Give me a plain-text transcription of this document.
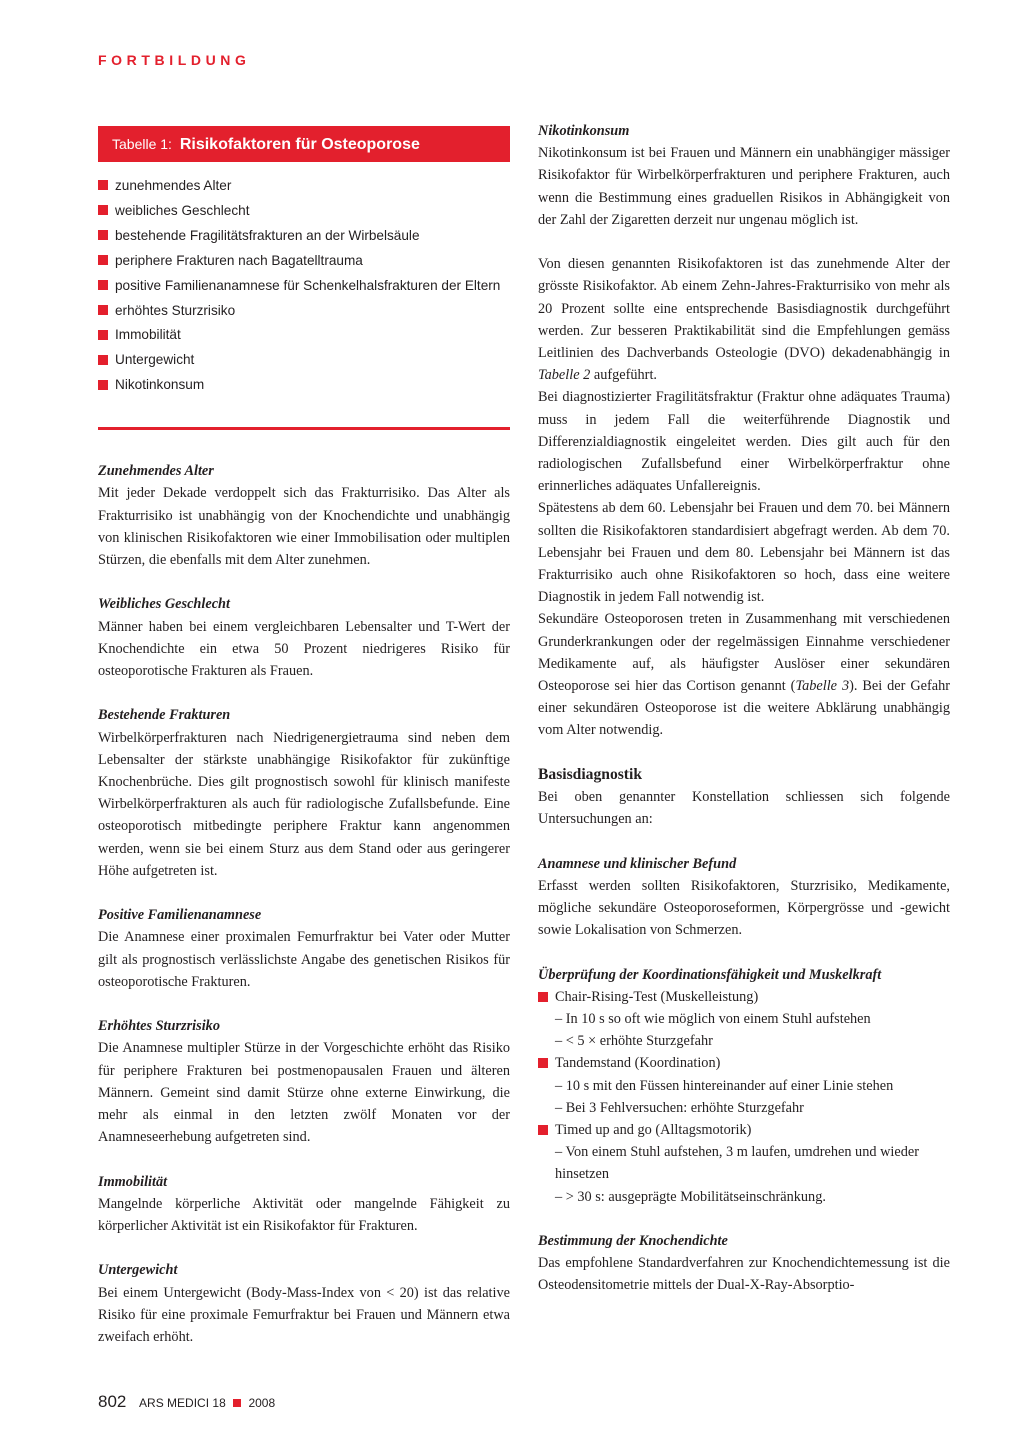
FORTBILDUNG
Tabelle 1: Risikofaktoren für Osteoporose
zunehmendes Alter
weibliches Geschlecht
bestehende Fragilitätsfrakturen an der Wirbelsäule
periphere Frakturen nach Bagatelltrauma
positive Familienanamnese für Schenkelhalsfrakturen der Eltern
erhöhtes Sturzrisiko
Immobilität
Untergewicht
Nikotinkonsum
Zunehmendes Alter

Mit jeder Dekade verdoppelt sich das Frakturrisiko. Das Alter als Frakturrisiko ist unabhängig von der Knochendichte und unabhängig von klinischen Risikofaktoren wie einer Immobilisation oder multiplen Stürzen, die ebenfalls mit dem Alter zunehmen.

Weibliches Geschlecht

Männer haben bei einem vergleichbaren Lebensalter und T-Wert der Knochendichte ein etwa 50 Prozent niedrigeres Risiko für osteoporotische Frakturen als Frauen.

Bestehende Frakturen

Wirbelkörperfrakturen nach Niedrigenergietrauma sind neben dem Lebensalter der stärkste unabhängige Risikofaktor für zukünftige Knochenbrüche. Dies gilt prognostisch sowohl für klinisch manifeste Wirbelkörperfrakturen als auch für radiologische Zufallsbefunde. Eine osteoporotisch mitbedingte periphere Fraktur kann angenommen werden, wenn sie bei einem Sturz aus dem Stand oder aus geringerer Höhe aufgetreten ist.

Positive Familienanamnese

Die Anamnese einer proximalen Femurfraktur bei Vater oder Mutter gilt als prognostisch verlässlichste Angabe des genetischen Risikos für osteoporotische Frakturen.

Erhöhtes Sturzrisiko

Die Anamnese multipler Stürze in der Vorgeschichte erhöht das Risiko für periphere Frakturen bei postmenopausalen Frauen und älteren Männern. Gemeint sind damit Stürze ohne externe Einwirkung, die mehr als einmal in den letzten zwölf Monaten vor der Anamneseerhebung aufgetreten sind.

Immobilität

Mangelnde körperliche Aktivität oder mangelnde Fähigkeit zu körperlicher Aktivität ist ein Risikofaktor für Frakturen.

Untergewicht

Bei einem Untergewicht (Body-Mass-Index von < 20) ist das relative Risiko für eine proximale Femurfraktur bei Frauen und Männern etwa zweifach erhöht.

Nikotinkonsum

Nikotinkonsum ist bei Frauen und Männern ein unabhängiger mässiger Risikofaktor für Wirbelkörperfrakturen und periphere Frakturen, auch wenn die Bestimmung eines graduellen Risikos in Abhängigkeit von der Zahl der Zigaretten derzeit nur ungenau möglich ist.

Von diesen genannten Risikofaktoren ist das zunehmende Alter der grösste Risikofaktor. Ab einem Zehn-Jahres-Frakturrisiko von mehr als 20 Prozent sollte eine entsprechende Basisdiagnostik durchgeführt werden. Zur besseren Praktikabilität sind die Empfehlungen gemäss Leitlinien des Dachverbands Osteologie (DVO) dekadenabhängig in Tabelle 2 aufgeführt.

Bei diagnostizierter Fragilitätsfraktur (Fraktur ohne adäquates Trauma) muss in jedem Fall die weiterführende Diagnostik und Differenzialdiagnostik eingeleitet werden. Dies gilt auch für den radiologischen Zufallsbefund einer Wirbelkörperfraktur ohne erinnerliches adäquates Unfallereignis.

Spätestens ab dem 60. Lebensjahr bei Frauen und dem 70. bei Männern sollten die Risikofaktoren standardisiert abgefragt werden. Ab dem 70. Lebensjahr bei Frauen und dem 80. Lebensjahr bei Männern ist das Frakturrisiko auch ohne Risikofaktoren so hoch, dass eine weitere Diagnostik in jedem Fall notwendig ist.

Sekundäre Osteoporosen treten in Zusammenhang mit verschiedenen Grunderkrankungen oder der regelmässigen Einnahme verschiedener Medikamente auf, als häufigster Auslöser einer sekundären Osteoporose sei hier das Cortison genannt (Tabelle 3). Bei der Gefahr einer sekundären Osteoporose ist die weitere Abklärung unabhängig vom Alter notwendig.

Basisdiagnostik

Bei oben genannter Konstellation schliessen sich folgende Untersuchungen an:

Anamnese und klinischer Befund

Erfasst werden sollten Risikofaktoren, Sturzrisiko, Medikamente, mögliche sekundäre Osteoporoseformen, Körpergrösse und -gewicht sowie Lokalisation von Schmerzen.

Überprüfung der Koordinationsfähigkeit und Muskelkraft
Chair-Rising-Test (Muskelleistung)
– In 10 s so oft wie möglich von einem Stuhl aufstehen
– < 5 × erhöhte Sturzgefahr
Tandemstand (Koordination)
– 10 s mit den Füssen hintereinander auf einer Linie stehen
– Bei 3 Fehlversuchen: erhöhte Sturzgefahr
Timed up and go (Alltagsmotorik)
– Von einem Stuhl aufstehen, 3 m laufen, umdrehen und wieder hinsetzen
– > 30 s: ausgeprägte Mobilitätseinschränkung.
Bestimmung der Knochendichte

Das empfohlene Standardverfahren zur Knochendichtemessung ist die Osteodensitometrie mittels der Dual-X-Ray-Absorptio-

802 ARS MEDICI 18 2008
